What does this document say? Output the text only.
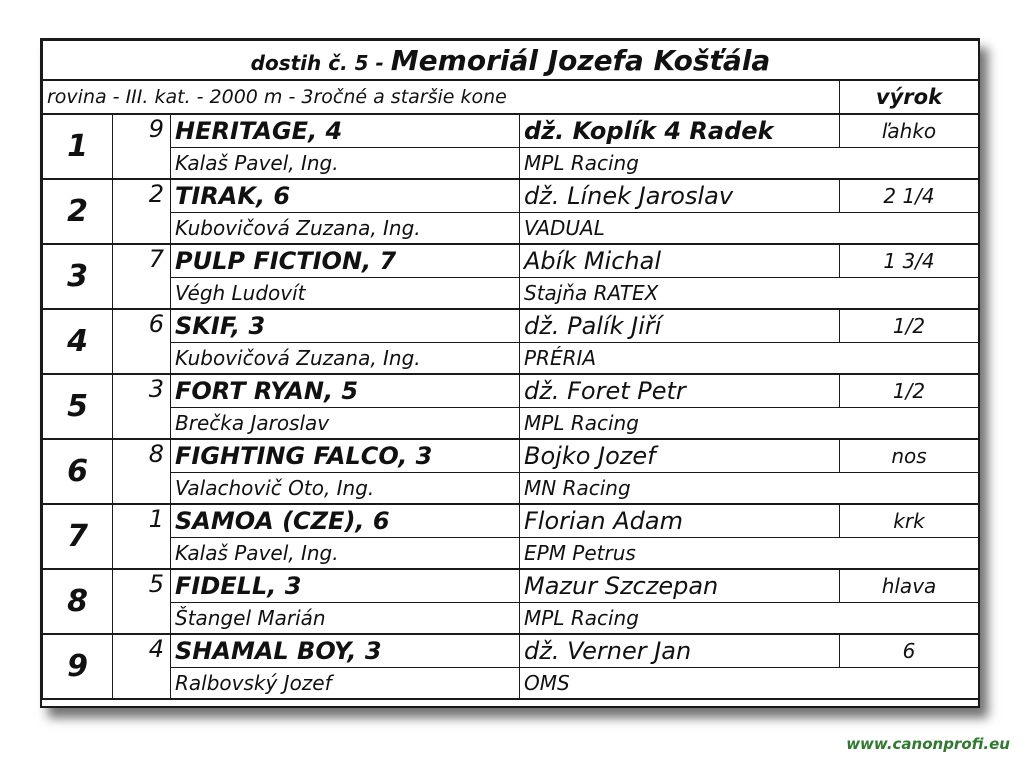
dostih č. 5 - Memoriál Jozefa Košťála				
rovina - III. kat. - 2000 m - 3ročné a staršie kone				výrok
1	9	HERITAGE, 4	dž. Koplík 4 Radek	ľahko
		Kalaš Pavel, Ing.	MPL Racing	
2	2	TIRAK, 6	dž. Línek Jaroslav	2 1/4
		Kubovičová Zuzana, Ing.	VADUAL	
3	7	PULP FICTION, 7	Abík Michal	1 3/4
		Végh Ludovít	Stajňa RATEX	
4	6	SKIF, 3	dž. Palík Jiří	1/2
		Kubovičová Zuzana, Ing.	PRÉRIA	
5	3	FORT RYAN, 5	dž. Foret Petr	1/2
		Brečka Jaroslav	MPL Racing	
6	8	FIGHTING FALCO, 3	Bojko Jozef	nos
		Valachovič Oto, Ing.	MN Racing	
7	1	SAMOA (CZE), 6	Florian Adam	krk
		Kalaš Pavel, Ing.	EPM Petrus	
8	5	FIDELL, 3	Mazur Szczepan	hlava
		Štangel Marián	MPL Racing	
9	4	SHAMAL BOY, 3	dž. Verner Jan	6
		Ralbovský Jozef	OMS	
www.canonprofi.eu
